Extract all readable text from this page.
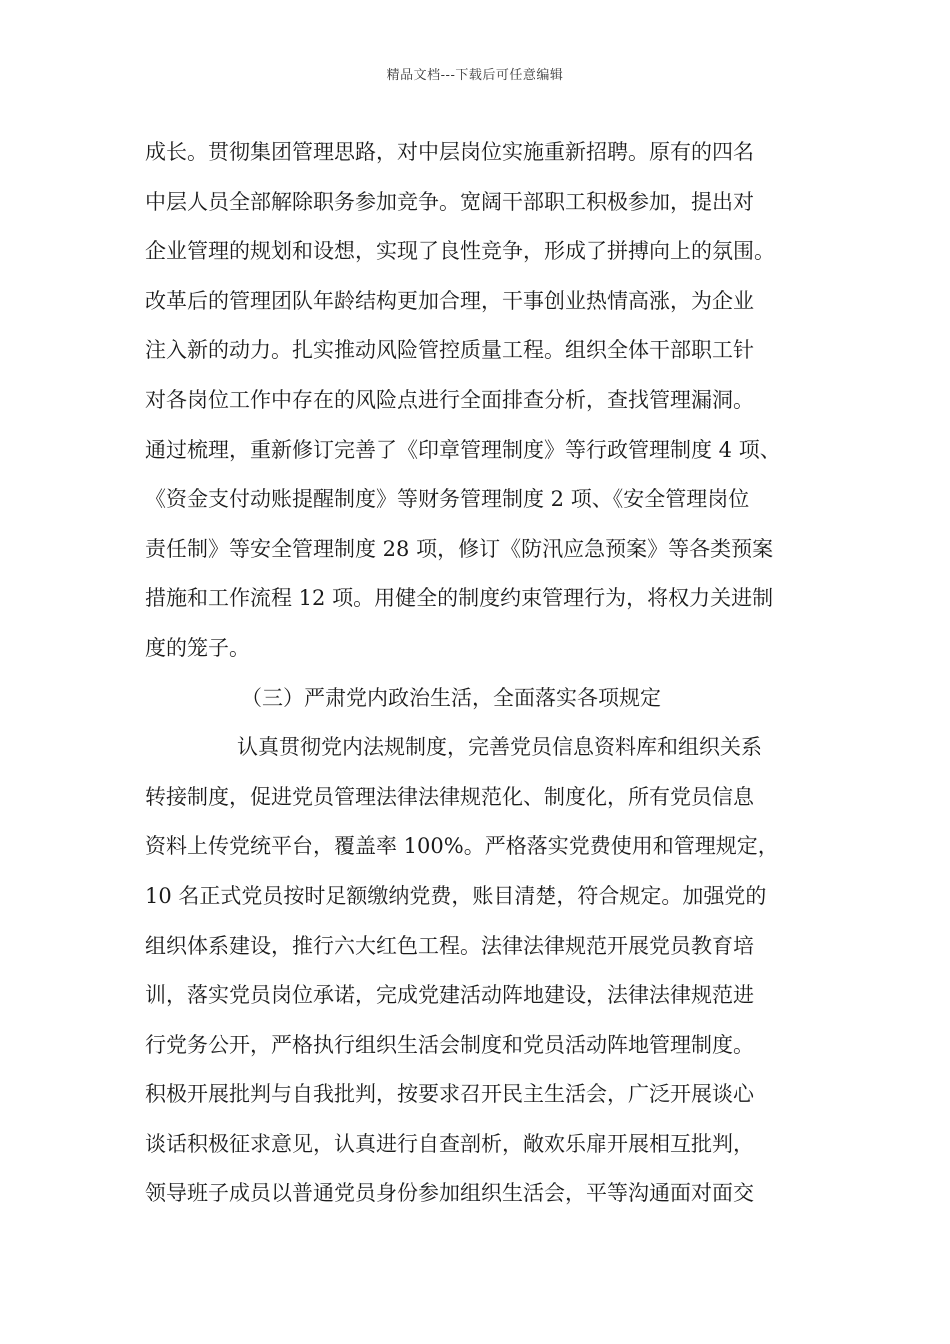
精品文档---下载后可任意编辑
成长。贯彻集团管理思路，对中层岗位实施重新招聘。原有的四名
中层人员全部解除职务参加竞争。宽阔干部职工积极参加，提出对
企业管理的规划和设想，实现了良性竞争，形成了拼搏向上的氛围。
改革后的管理团队年龄结构更加合理，干事创业热情高涨，为企业
注入新的动力。扎实推动风险管控质量工程。组织全体干部职工针
对各岗位工作中存在的风险点进行全面排查分析，查找管理漏洞。
通过梳理，重新修订完善了《印章管理制度》等行政管理制度 4 项、
《资金支付动账提醒制度》等财务管理制度 2 项、《安全管理岗位
责任制》等安全管理制度 28 项，修订《防汛应急预案》等各类预案
措施和工作流程 12 项。用健全的制度约束管理行为，将权力关进制
度的笼子。
（三）严肃党内政治生活，全面落实各项规定
认真贯彻党内法规制度，完善党员信息资料库和组织关系
转接制度，促进党员管理法律法律规范化、制度化，所有党员信息
资料上传党统平台，覆盖率 100%。严格落实党费使用和管理规定，
10 名正式党员按时足额缴纳党费，账目清楚，符合规定。加强党的
组织体系建设，推行六大红色工程。法律法律规范开展党员教育培
训，落实党员岗位承诺，完成党建活动阵地建设，法律法律规范进
行党务公开，严格执行组织生活会制度和党员活动阵地管理制度。
积极开展批判与自我批判，按要求召开民主生活会，广泛开展谈心
谈话积极征求意见，认真进行自查剖析，敞欢乐扉开展相互批判，
领导班子成员以普通党员身份参加组织生活会，平等沟通面对面交
